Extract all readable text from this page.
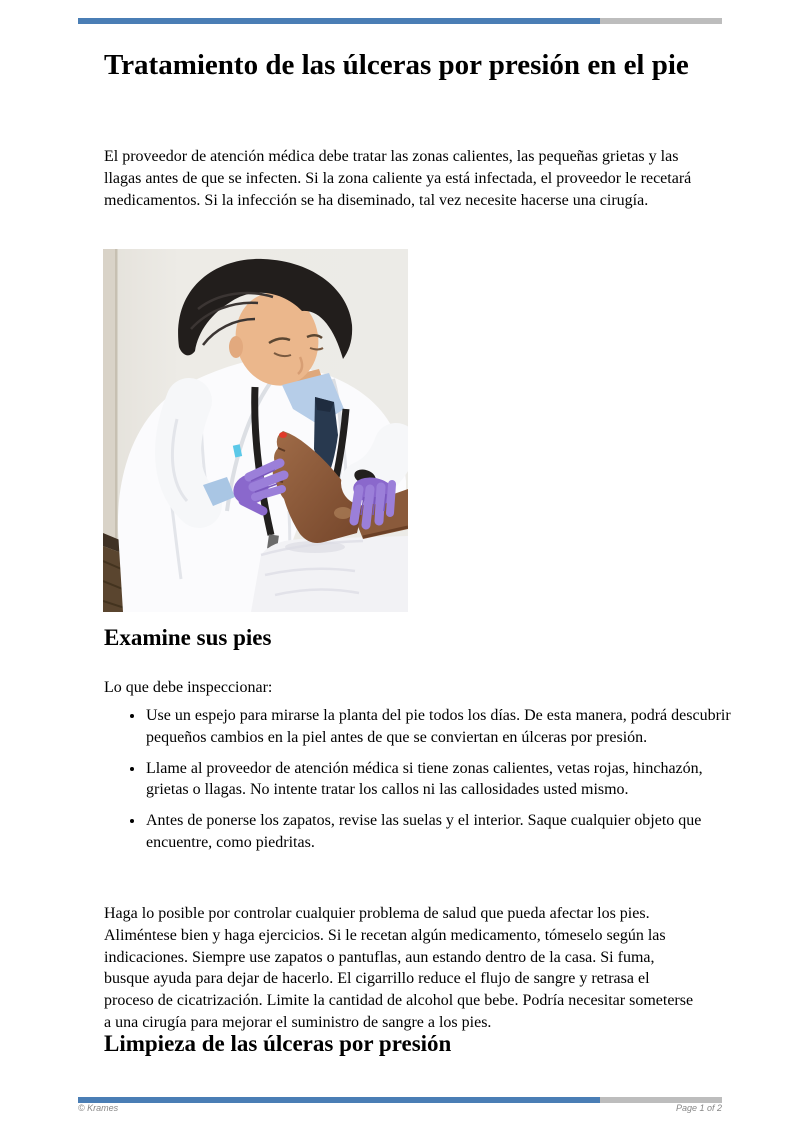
Tratamiento de las úlceras por presión en el pie

El proveedor de atención médica debe tratar las zonas calientes, las pequeñas grietas y las llagas antes de que se infecten. Si la zona caliente ya está infectada, el proveedor le recetará medicamentos. Si la infección se ha diseminado, tal vez necesite hacerse una cirugía.

Examine sus pies

Lo que debe inspeccionar:

• Use un espejo para mirarse la planta del pie todos los días. De esta manera, podrá descubrir pequeños cambios en la piel antes de que se conviertan en úlceras por presión.
• Llame al proveedor de atención médica si tiene zonas calientes, vetas rojas, hinchazón, grietas o llagas. No intente tratar los callos ni las callosidades usted mismo.
• Antes de ponerse los zapatos, revise las suelas y el interior. Saque cualquier objeto que encuentre, como piedritas.

Haga lo posible por controlar cualquier problema de salud que pueda afectar los pies. Aliméntese bien y haga ejercicios. Si le recetan algún medicamento, tómeselo según las indicaciones. Siempre use zapatos o pantuflas, aun estando dentro de la casa. Si fuma, busque ayuda para dejar de hacerlo. El cigarrillo reduce el flujo de sangre y retrasa el proceso de cicatrización. Limite la cantidad de alcohol que bebe. Podría necesitar someterse a una cirugía para mejorar el suministro de sangre a los pies.

Limpieza de las úlceras por presión
© Krames	Page 1 of 2
